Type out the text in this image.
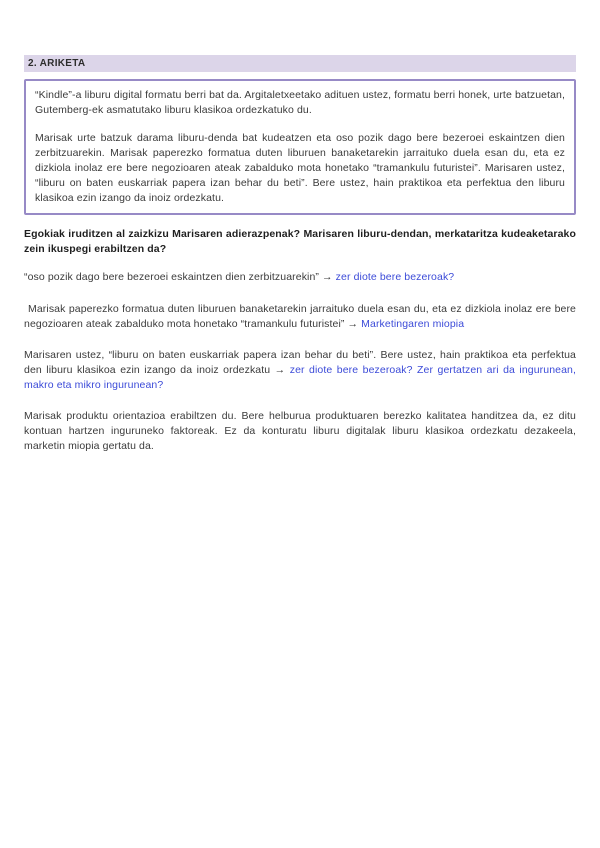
2. ARIKETA

“Kindle”-a liburu digital formatu berri bat da. Argitaletxeetako adituen ustez, formatu berri honek, urte batzuetan, Gutemberg-ek asmatutako liburu klasikoa ordezkatuko du.

Marisak urte batzuk darama liburu-denda bat kudeatzen eta oso pozik dago bere bezeroei eskaintzen dien zerbitzuarekin. Marisak paperezko formatua duten liburuen banaketarekin jarraituko duela esan du, eta ez dizkiola inolaz ere bere negozioaren ateak zabalduko mota honetako “tramankulu futuristei”. Marisaren ustez, “liburu on baten euskarriak papera izan behar du beti”. Bere ustez, hain praktikoa eta perfektua den liburu klasikoa ezin izango da inoiz ordezkatu.

Egokiak iruditzen al zaizkizu Marisaren adierazpenak? Marisaren liburu-dendan, merkataritza kudeaketarako zein ikuspegi erabiltzen da?

“oso pozik dago bere bezeroei eskaintzen dien zerbitzuarekin” → zer diote bere bezeroak?

Marisak paperezko formatua duten liburuen banaketarekin jarraituko duela esan du, eta ez dizkiola inolaz ere bere negozioaren ateak zabalduko mota honetako “tramankulu futuristei” → Marketingaren miopia

Marisaren ustez, “liburu on baten euskarriak papera izan behar du beti”. Bere ustez, hain praktikoa eta perfektua den liburu klasikoa ezin izango da inoiz ordezkatu → zer diote bere bezeroak? Zer gertatzen ari da ingurunean, makro eta mikro ingurunean?

Marisak produktu orientazioa erabiltzen du. Bere helburua produktuaren berezko kalitatea handitzea da, ez ditu kontuan hartzen inguruneko faktoreak. Ez da konturatu liburu digitalak liburu klasikoa ordezkatu dezakeela, marketin miopia gertatu da.
